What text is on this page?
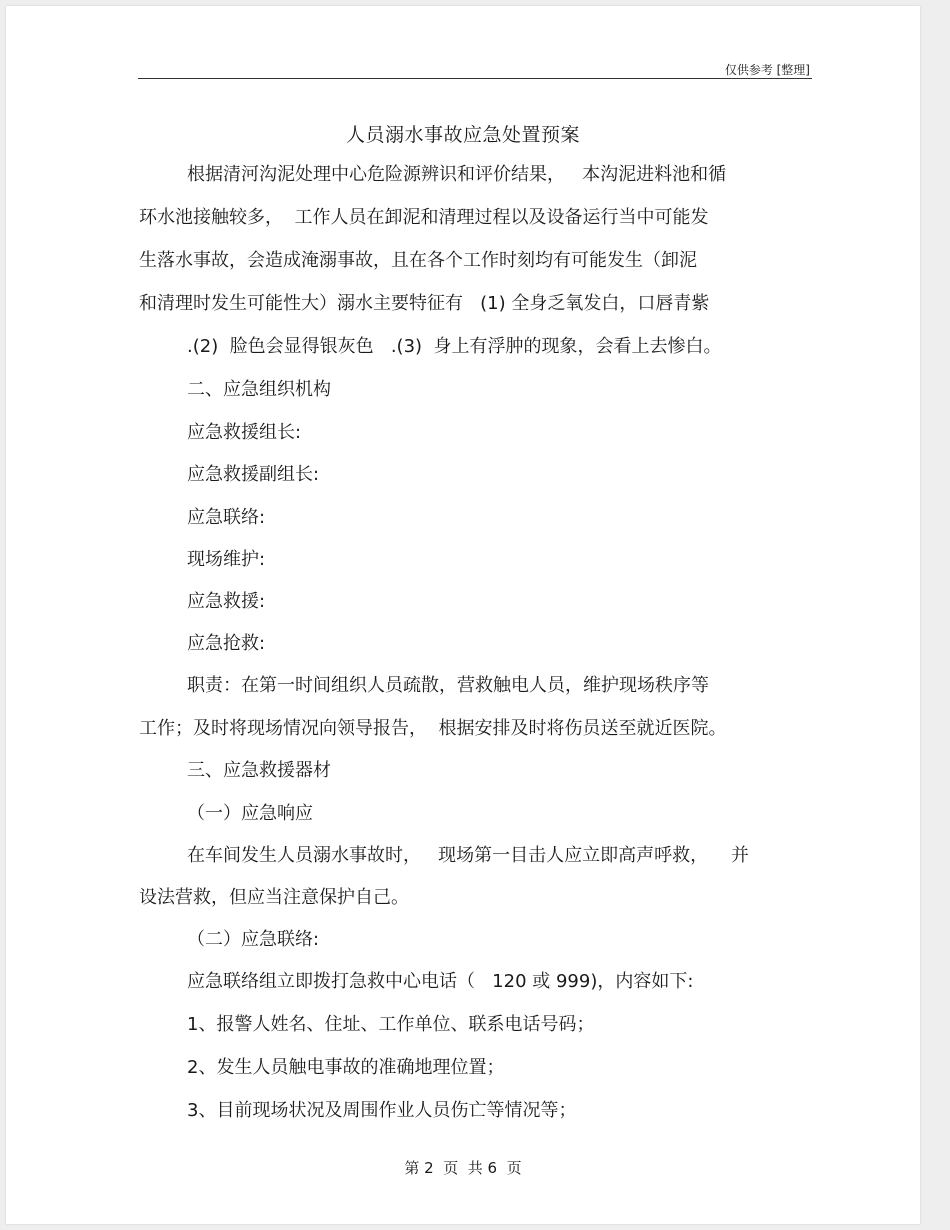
仅供参考 [整理]
人员溺水事故应急处置预案
根据清河沟泥处理中心危险源辨识和评价结果，   本沟泥进料池和循
环水池接触较多，  工作人员在卸泥和清理过程以及设备运行当中可能发
生落水事故，会造成淹溺事故，且在各个工作时刻均有可能发生（卸泥
和清理时发生可能性大）溺水主要特征有   (1) 全身乏氧发白，口唇青紫
.(2)  脸色会显得银灰色   .(3)  身上有浮肿的现象，会看上去惨白。
二、应急组织机构
应急救援组长:
应急救援副组长:
应急联络:
现场维护:
应急救援:
应急抢救:
职责：在第一时间组织人员疏散，营救触电人员，维护现场秩序等
工作；及时将现场情况向领导报告，  根据安排及时将伤员送至就近医院。
三、应急救援器材
（一）应急响应
在车间发生人员溺水事故时，   现场第一目击人应立即高声呼救，    并
设法营救，但应当注意保护自己。
（二）应急联络:
应急联络组立即拨打急救中心电话（   120 或 999)，内容如下:
1、报警人姓名、住址、工作单位、联系电话号码；
2、发生人员触电事故的准确地理位置；
3、目前现场状况及周围作业人员伤亡等情况等；
第 2  页  共 6  页
